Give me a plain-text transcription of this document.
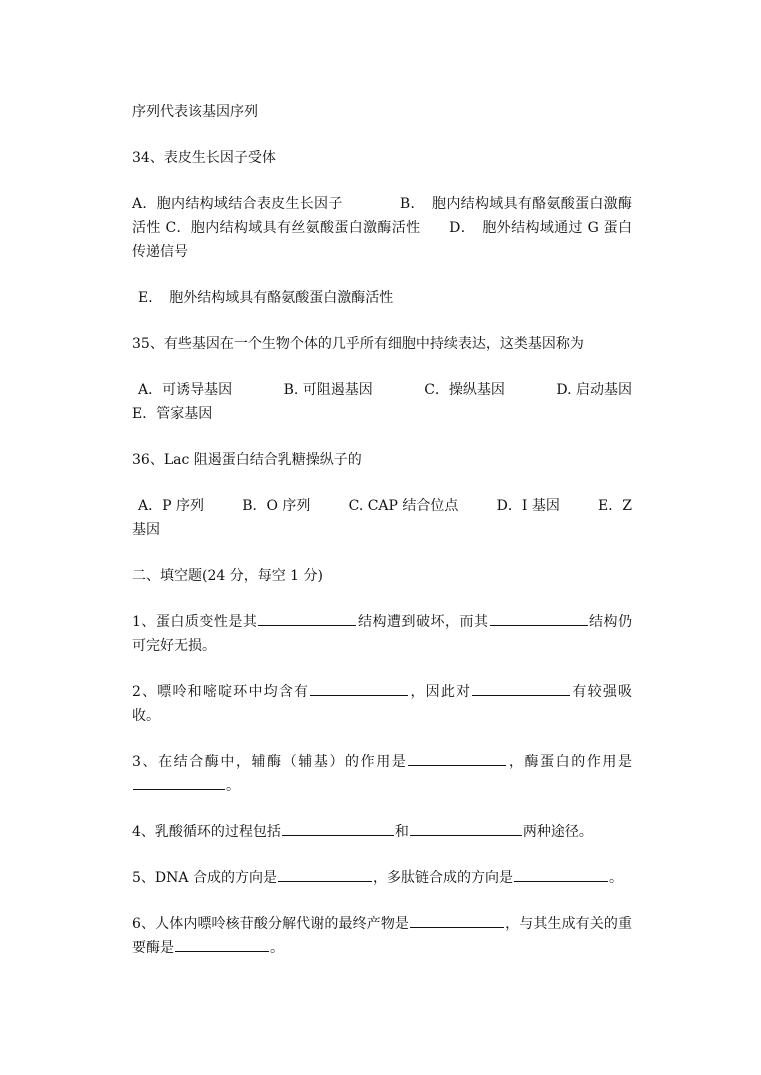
序列代表该基因序列

34、表皮生长因子受体

A．胞内结构域结合表皮生长因子　　　　B．　胞内结构域具有酪氨酸蛋白激酶活性 C．胞内结构域具有丝氨酸蛋白激酶活性　　D．　胞外结构域通过 G 蛋白传递信号

E．　胞外结构域具有酪氨酸蛋白激酶活性

35、有些基因在一个生物个体的几乎所有细胞中持续表达，这类基因称为

A．可诱导基因	B. 可阻遏基因	C．操纵基因	D. 启动基因

E．管家基因

36、Lac 阻遏蛋白结合乳糖操纵子的

A．P 序列	B．O 序列	C. CAP 结合位点	D．I 基因	E．Z

基因

二、填空题(24 分，每空 1 分)

1、蛋白质变性是其	结构遭到破坏，而其	结构仍可完好无损。

2、嘌呤和嘧啶环中均含有	，因此对	有较强吸收。

3、在结合酶中，辅酶（辅基）的作用是	，酶蛋白的作用是。

4、乳酸循环的过程包括	和	两种途径。

5、DNA 合成的方向是	，多肽链合成的方向是	。

6、人体内嘌呤核苷酸分解代谢的最终产物是	，与其生成有关的重要酶是	。
